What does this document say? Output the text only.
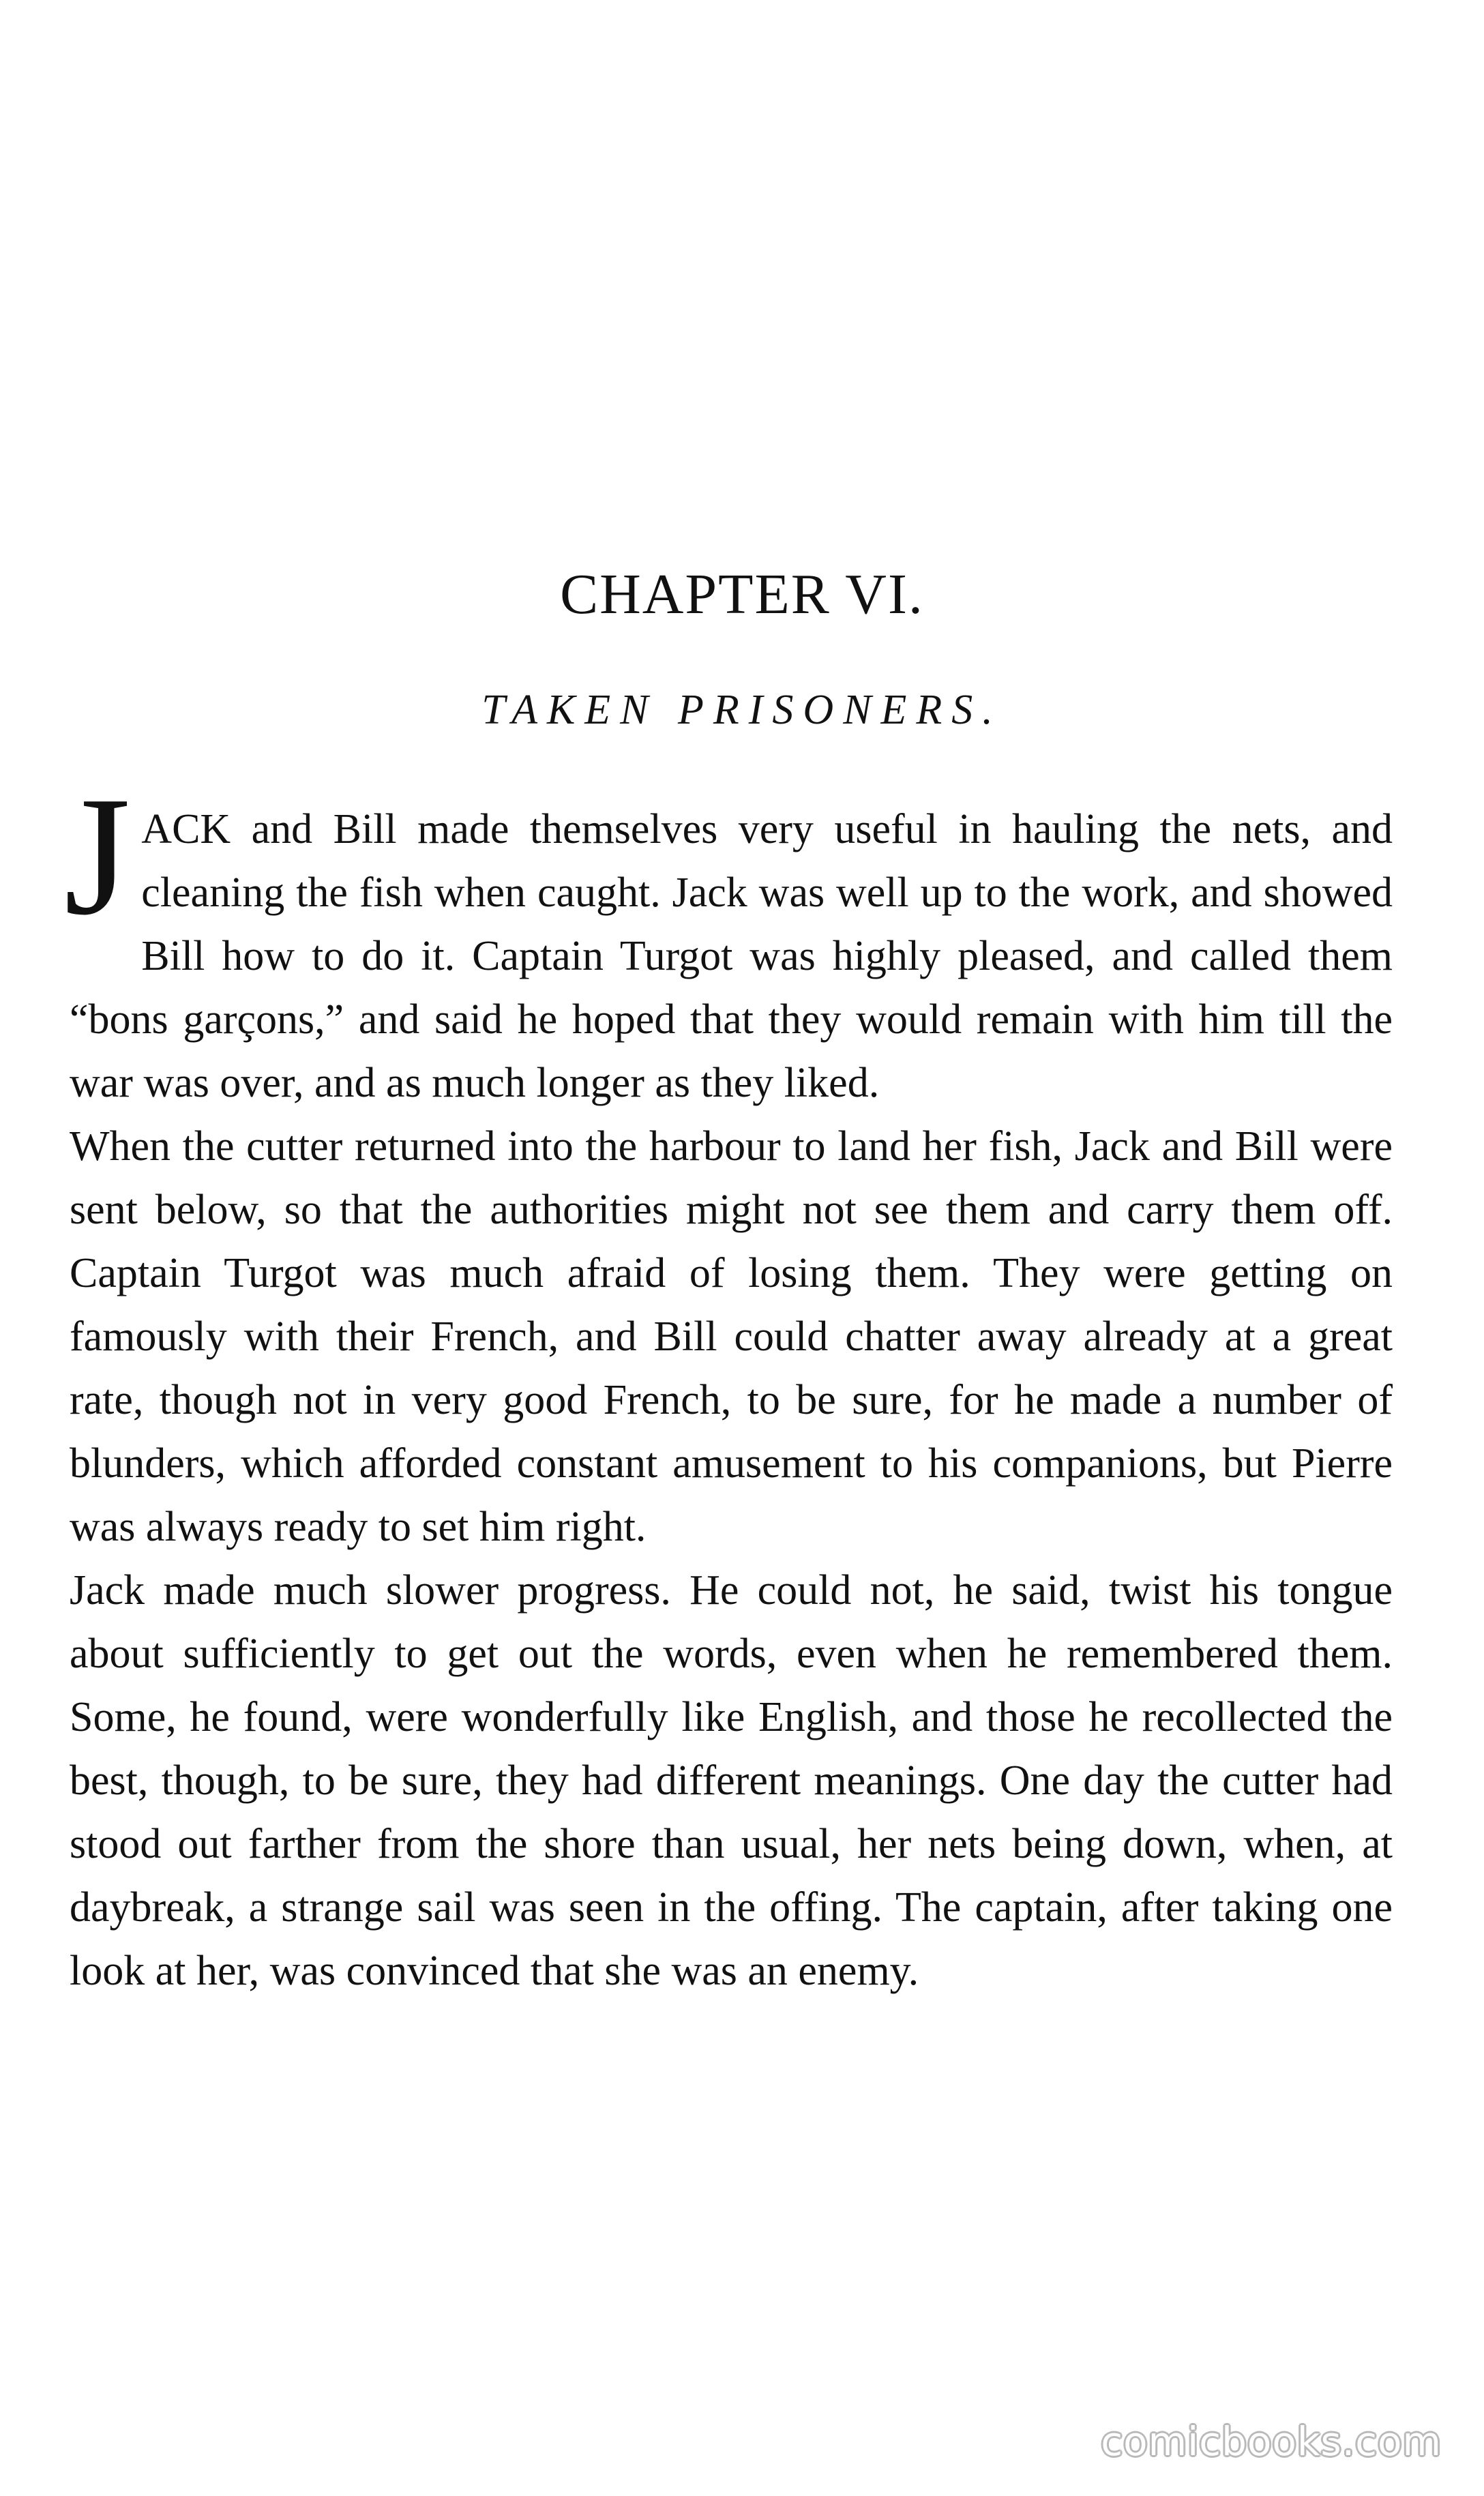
CHAPTER VI.
TAKEN PRISONERS.

JACK and Bill made themselves very useful in hauling the nets, and cleaning the fish when caught. Jack was well up to the work, and showed Bill how to do it. Captain Turgot was highly pleased, and called them “bons garçons,” and said he hoped that they would remain with him till the war was over, and as much longer as they liked.

When the cutter returned into the harbour to land her fish, Jack and Bill were sent below, so that the authorities might not see them and carry them off. Captain Turgot was much afraid of losing them. They were getting on famously with their French, and Bill could chatter away already at a great rate, though not in very good French, to be sure, for he made a number of blunders, which afforded constant amusement to his companions, but Pierre was always ready to set him right.

Jack made much slower progress. He could not, he said, twist his tongue about sufficiently to get out the words, even when he remembered them. Some, he found, were wonderfully like English, and those he recollected the best, though, to be sure, they had different meanings. One day the cutter had stood out farther from the shore than usual, her nets being down, when, at daybreak, a strange sail was seen in the offing. The captain, after taking one look at her, was convinced that she was an enemy.

comicbooks.com
